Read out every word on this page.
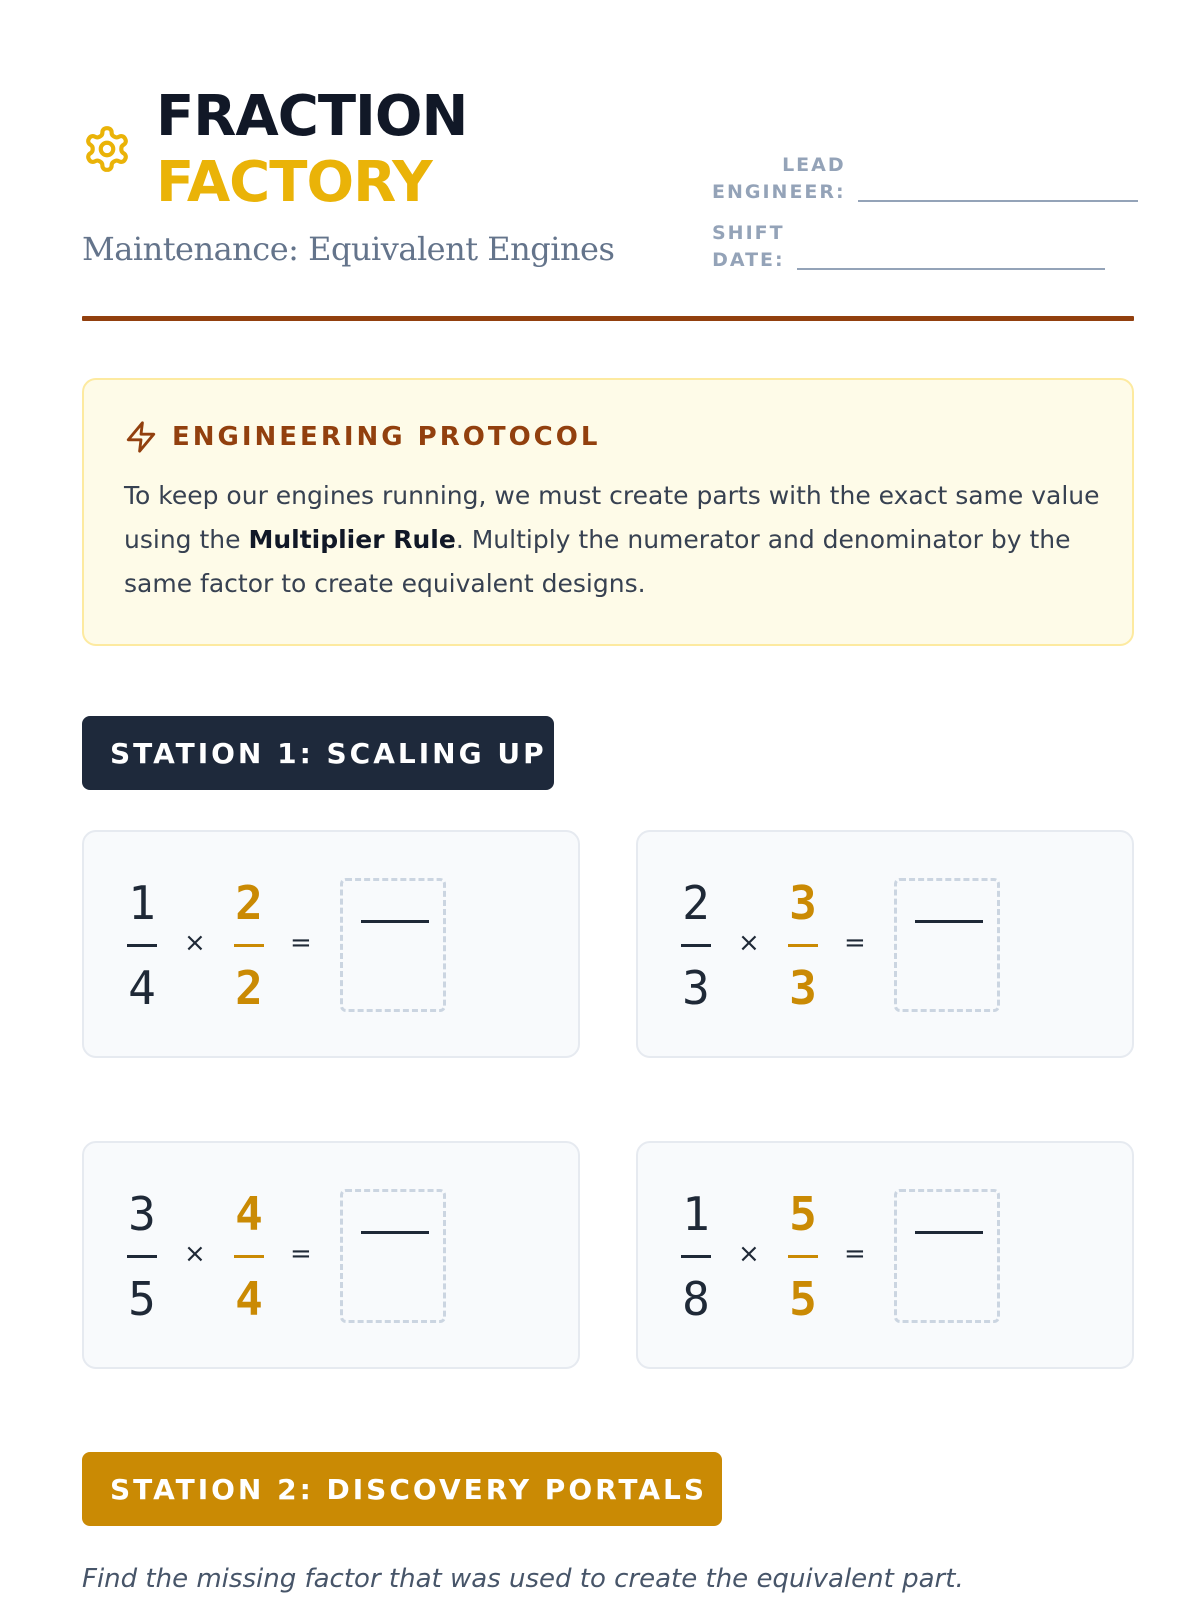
FRACTION
FACTORY
Maintenance: Equivalent Engines
LEAD
ENGINEER:
SHIFT
DATE:
ENGINEERING PROTOCOL
To keep our engines running, we must create parts with the exact same value using the Multiplier Rule. Multiply the numerator and denominator by the same factor to create equivalent designs.
STATION 1: SCALING UP
1
4
×
2
2
=
2
3
×
3
3
=
3
5
×
4
4
=
1
8
×
5
5
=
STATION 2: DISCOVERY PORTALS
Find the missing factor that was used to create the equivalent part.
